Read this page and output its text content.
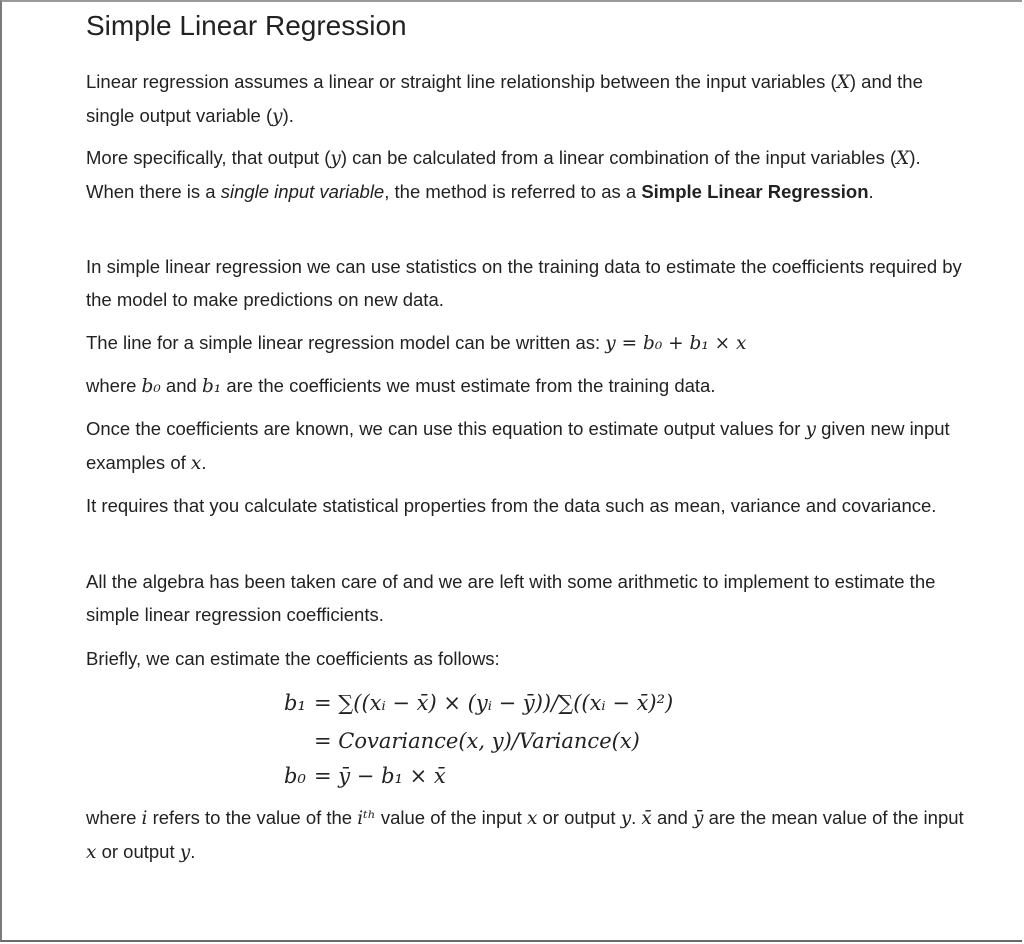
Simple Linear Regression

Linear regression assumes a linear or straight line relationship between the input variables (X) and the single output variable (y).

More specifically, that output (y) can be calculated from a linear combination of the input variables (X). When there is a single input variable, the method is referred to as a Simple Linear Regression.

In simple linear regression we can use statistics on the training data to estimate the coefficients required by the model to make predictions on new data.

The line for a simple linear regression model can be written as: y = b₀ + b₁ × x

where b₀ and b₁ are the coefficients we must estimate from the training data.

Once the coefficients are known, we can use this equation to estimate output values for y given new input examples of x.

It requires that you calculate statistical properties from the data such as mean, variance and covariance.

All the algebra has been taken care of and we are left with some arithmetic to implement to estimate the simple linear regression coefficients.

Briefly, we can estimate the coefficients as follows:

b₁ = ∑((xᵢ − x̄) × (yᵢ − ȳ))/∑((xᵢ − x̄)²)
= Covariance(x, y)/Variance(x)
b₀ = ȳ − b₁ × x̄

where i refers to the value of the iᵗʰ value of the input x or output y. x̄ and ȳ are the mean value of the input x or output y.
